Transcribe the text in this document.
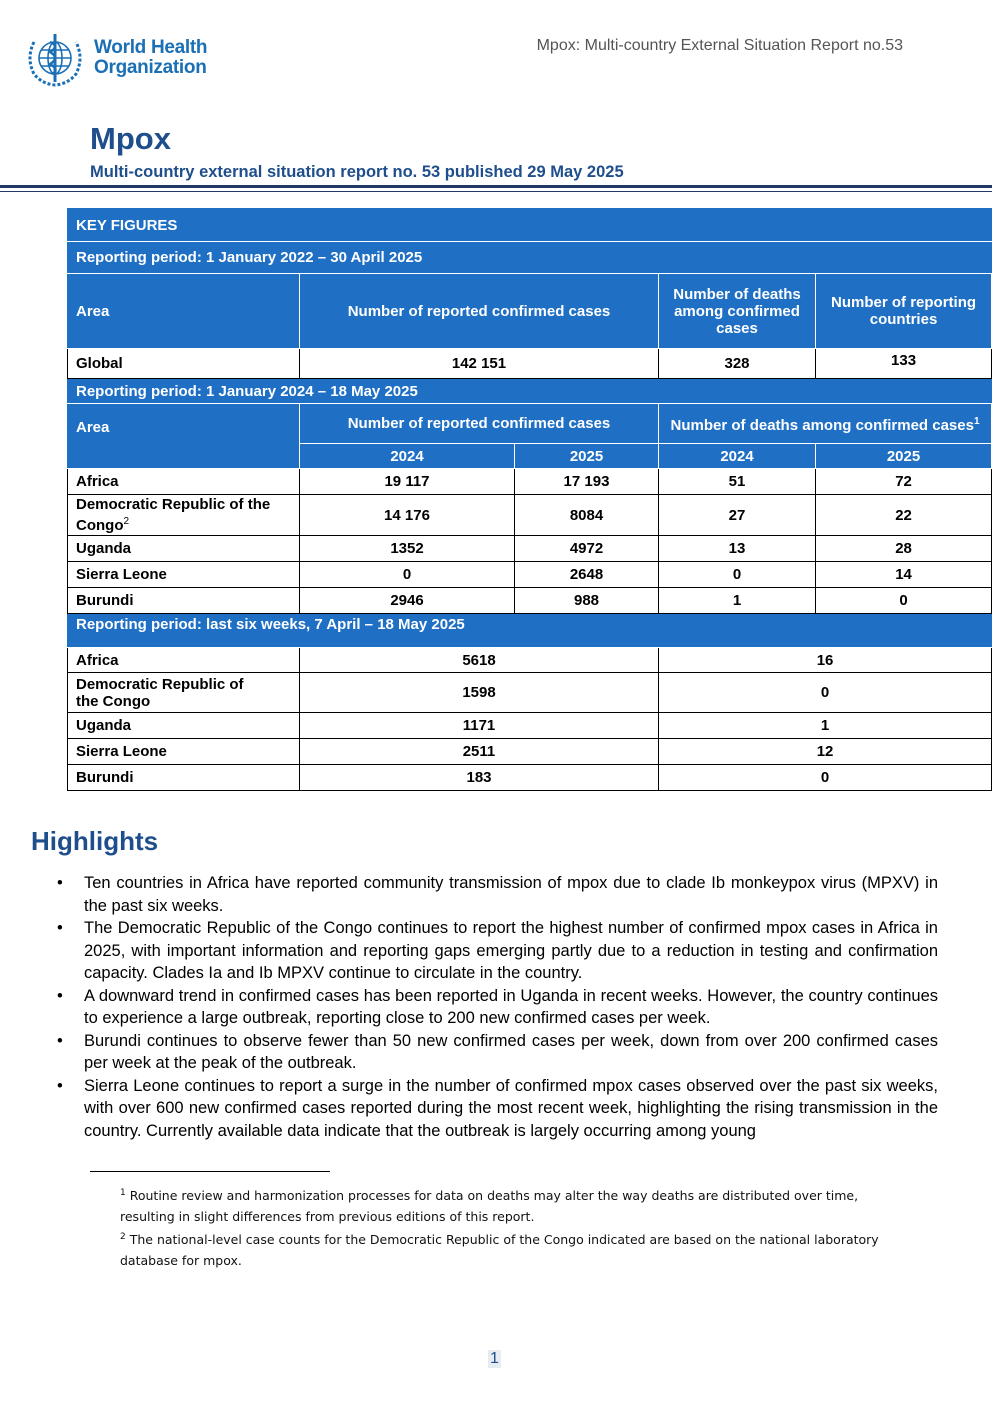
World Health
Organization
Mpox: Multi-country External Situation Report no.53
Mpox
Multi-country external situation report no. 53 published 29 May 2025
KEY FIGURES				
Reporting period: 1 January 2022 – 30 April 2025				
Area	Number of reported confirmed cases		Number of deaths among confirmed cases	Number of reporting countries
Global	142 151		328	133
Reporting period: 1 January 2024 – 18 May 2025				
Area	Number of reported confirmed cases		Number of deaths among confirmed cases$^1$
	2024	2025	2024	2025
Africa	19 117	17 193	51	72
Democratic Republic of the Congo$^2$	14 176	8084	27	22
Uganda	1352	4972	13	28
Sierra Leone	0	2648	0	14
Burundi	2946	988	1	0
Reporting period: last six weeks, 7 April – 18 May 2025				
Africa	5618		16	
Democratic Republic of the Congo	1598		0	
Uganda	1171		1	
Sierra Leone	2511		12	
Burundi	183		0	
Highlights
• Ten countries in Africa have reported community transmission of mpox due to clade Ib monkeypox virus (MPXV) in the past six weeks.
• The Democratic Republic of the Congo continues to report the highest number of confirmed mpox cases in Africa in 2025, with important information and reporting gaps emerging partly due to a reduction in testing and confirmation capacity. Clades Ia and Ib MPXV continue to circulate in the country.
• A downward trend in confirmed cases has been reported in Uganda in recent weeks. However, the country continues to experience a large outbreak, reporting close to 200 new confirmed cases per week.
• Burundi continues to observe fewer than 50 new confirmed cases per week, down from over 200 confirmed cases per week at the peak of the outbreak.
• Sierra Leone continues to report a surge in the number of confirmed mpox cases observed over the past six weeks, with over 600 new confirmed cases reported during the most recent week, highlighting the rising transmission in the country. Currently available data indicate that the outbreak is largely occurring among young
$^1$ Routine review and harmonization processes for data on deaths may alter the way deaths are distributed over time, resulting in slight differences from previous editions of this report.
$^2$ The national-level case counts for the Democratic Republic of the Congo indicated are based on the national laboratory database for mpox.
1
